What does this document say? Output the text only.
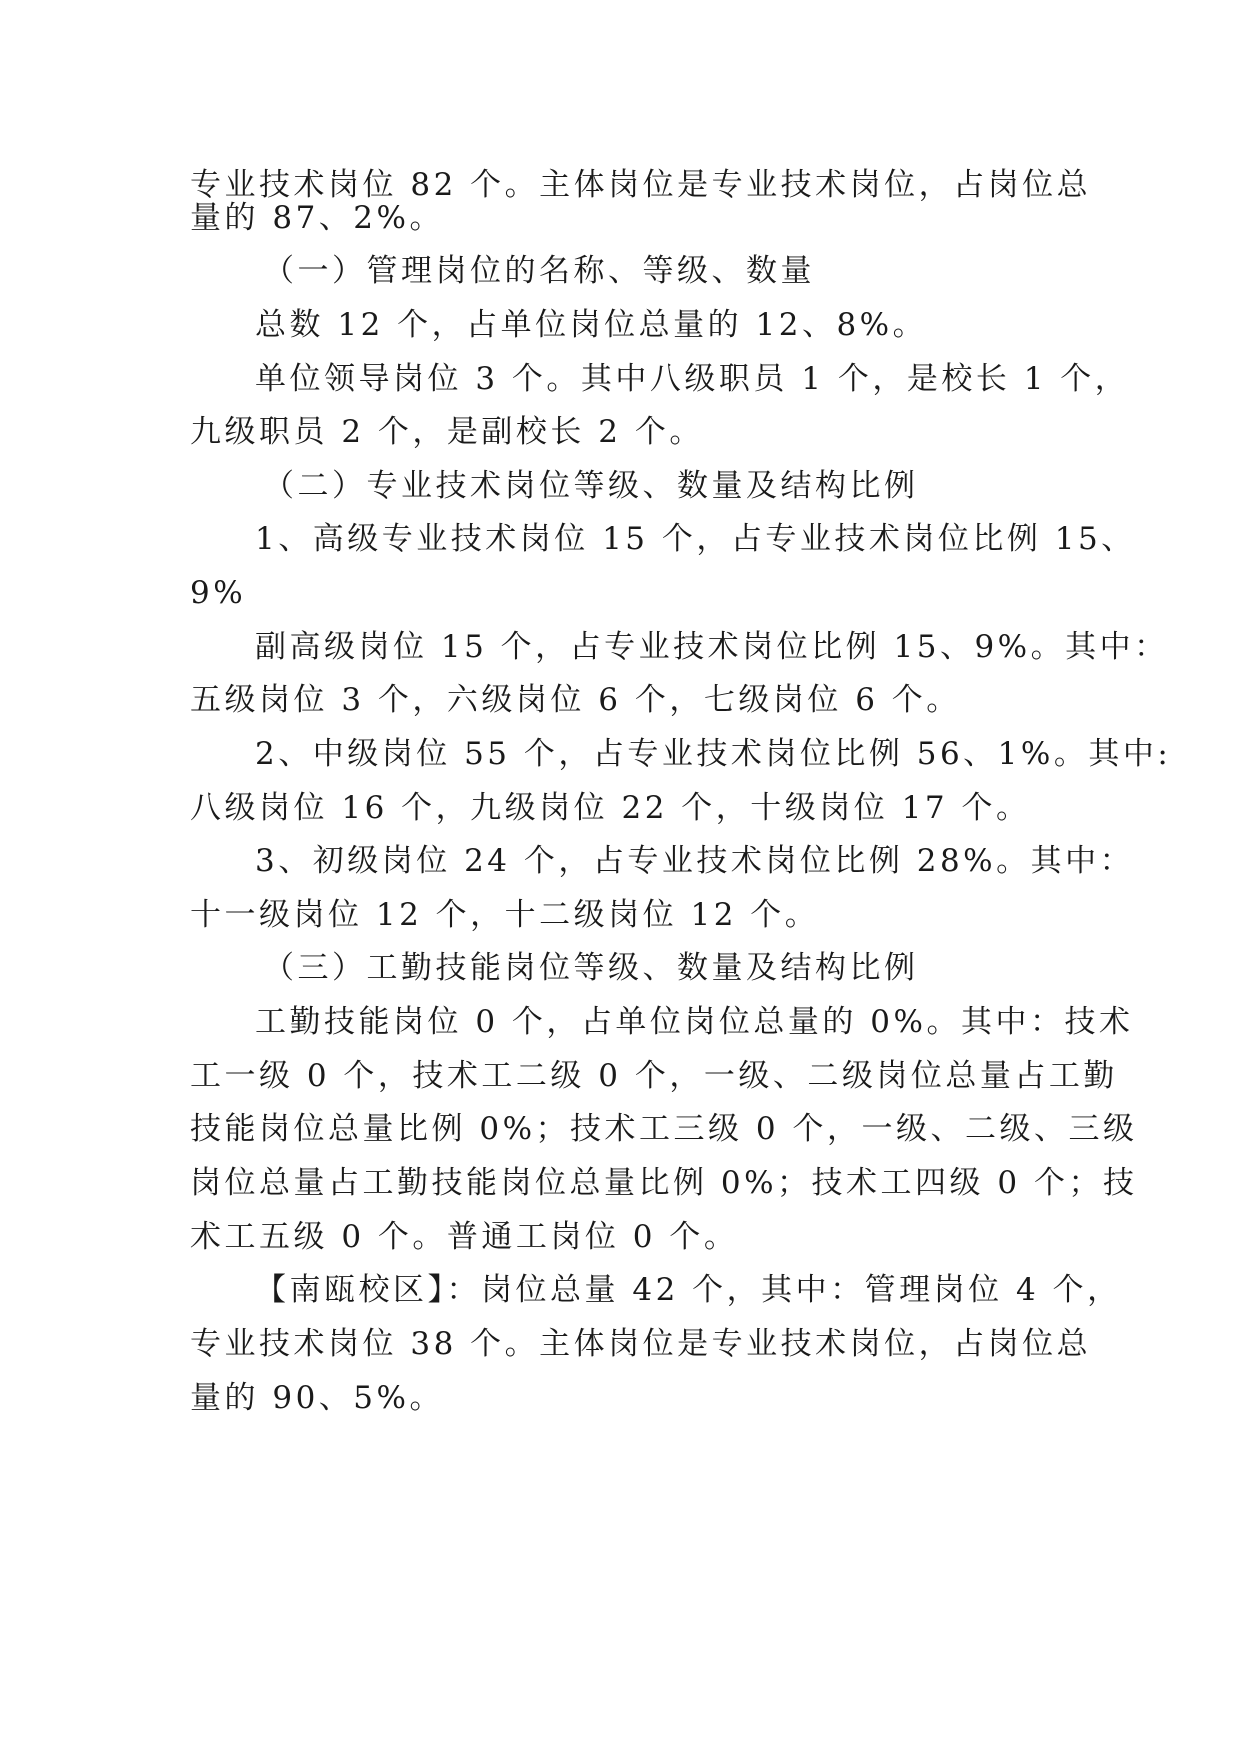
专业技术岗位 82 个。主体岗位是专业技术岗位，占岗位总
量的 87、2%。
（一）管理岗位的名称、等级、数量
总数 12 个，占单位岗位总量的 12、8%。
单位领导岗位 3 个。其中八级职员 1 个，是校长 1 个，
九级职员 2 个，是副校长 2 个。
（二）专业技术岗位等级、数量及结构比例
1、高级专业技术岗位 15 个，占专业技术岗位比例 15、
9%
副高级岗位 15 个，占专业技术岗位比例 15、9%。其中：
五级岗位 3 个，六级岗位 6 个，七级岗位 6 个。
2、中级岗位 55 个，占专业技术岗位比例 56、1%。其中:
八级岗位 16 个，九级岗位 22 个，十级岗位 17 个。
3、初级岗位 24 个，占专业技术岗位比例 28%。其中：
十一级岗位 12 个，十二级岗位 12 个。
（三）工勤技能岗位等级、数量及结构比例
工勤技能岗位 0 个，占单位岗位总量的 0%。其中：技术
工一级 0 个，技术工二级 0 个，一级、二级岗位总量占工勤
技能岗位总量比例 0%；技术工三级 0 个，一级、二级、三级
岗位总量占工勤技能岗位总量比例 0%；技术工四级 0 个；技
术工五级 0 个。普通工岗位 0 个。
【南瓯校区】：岗位总量 42 个，其中：管理岗位 4 个，
专业技术岗位 38 个。主体岗位是专业技术岗位，占岗位总
量的 90、5%。
